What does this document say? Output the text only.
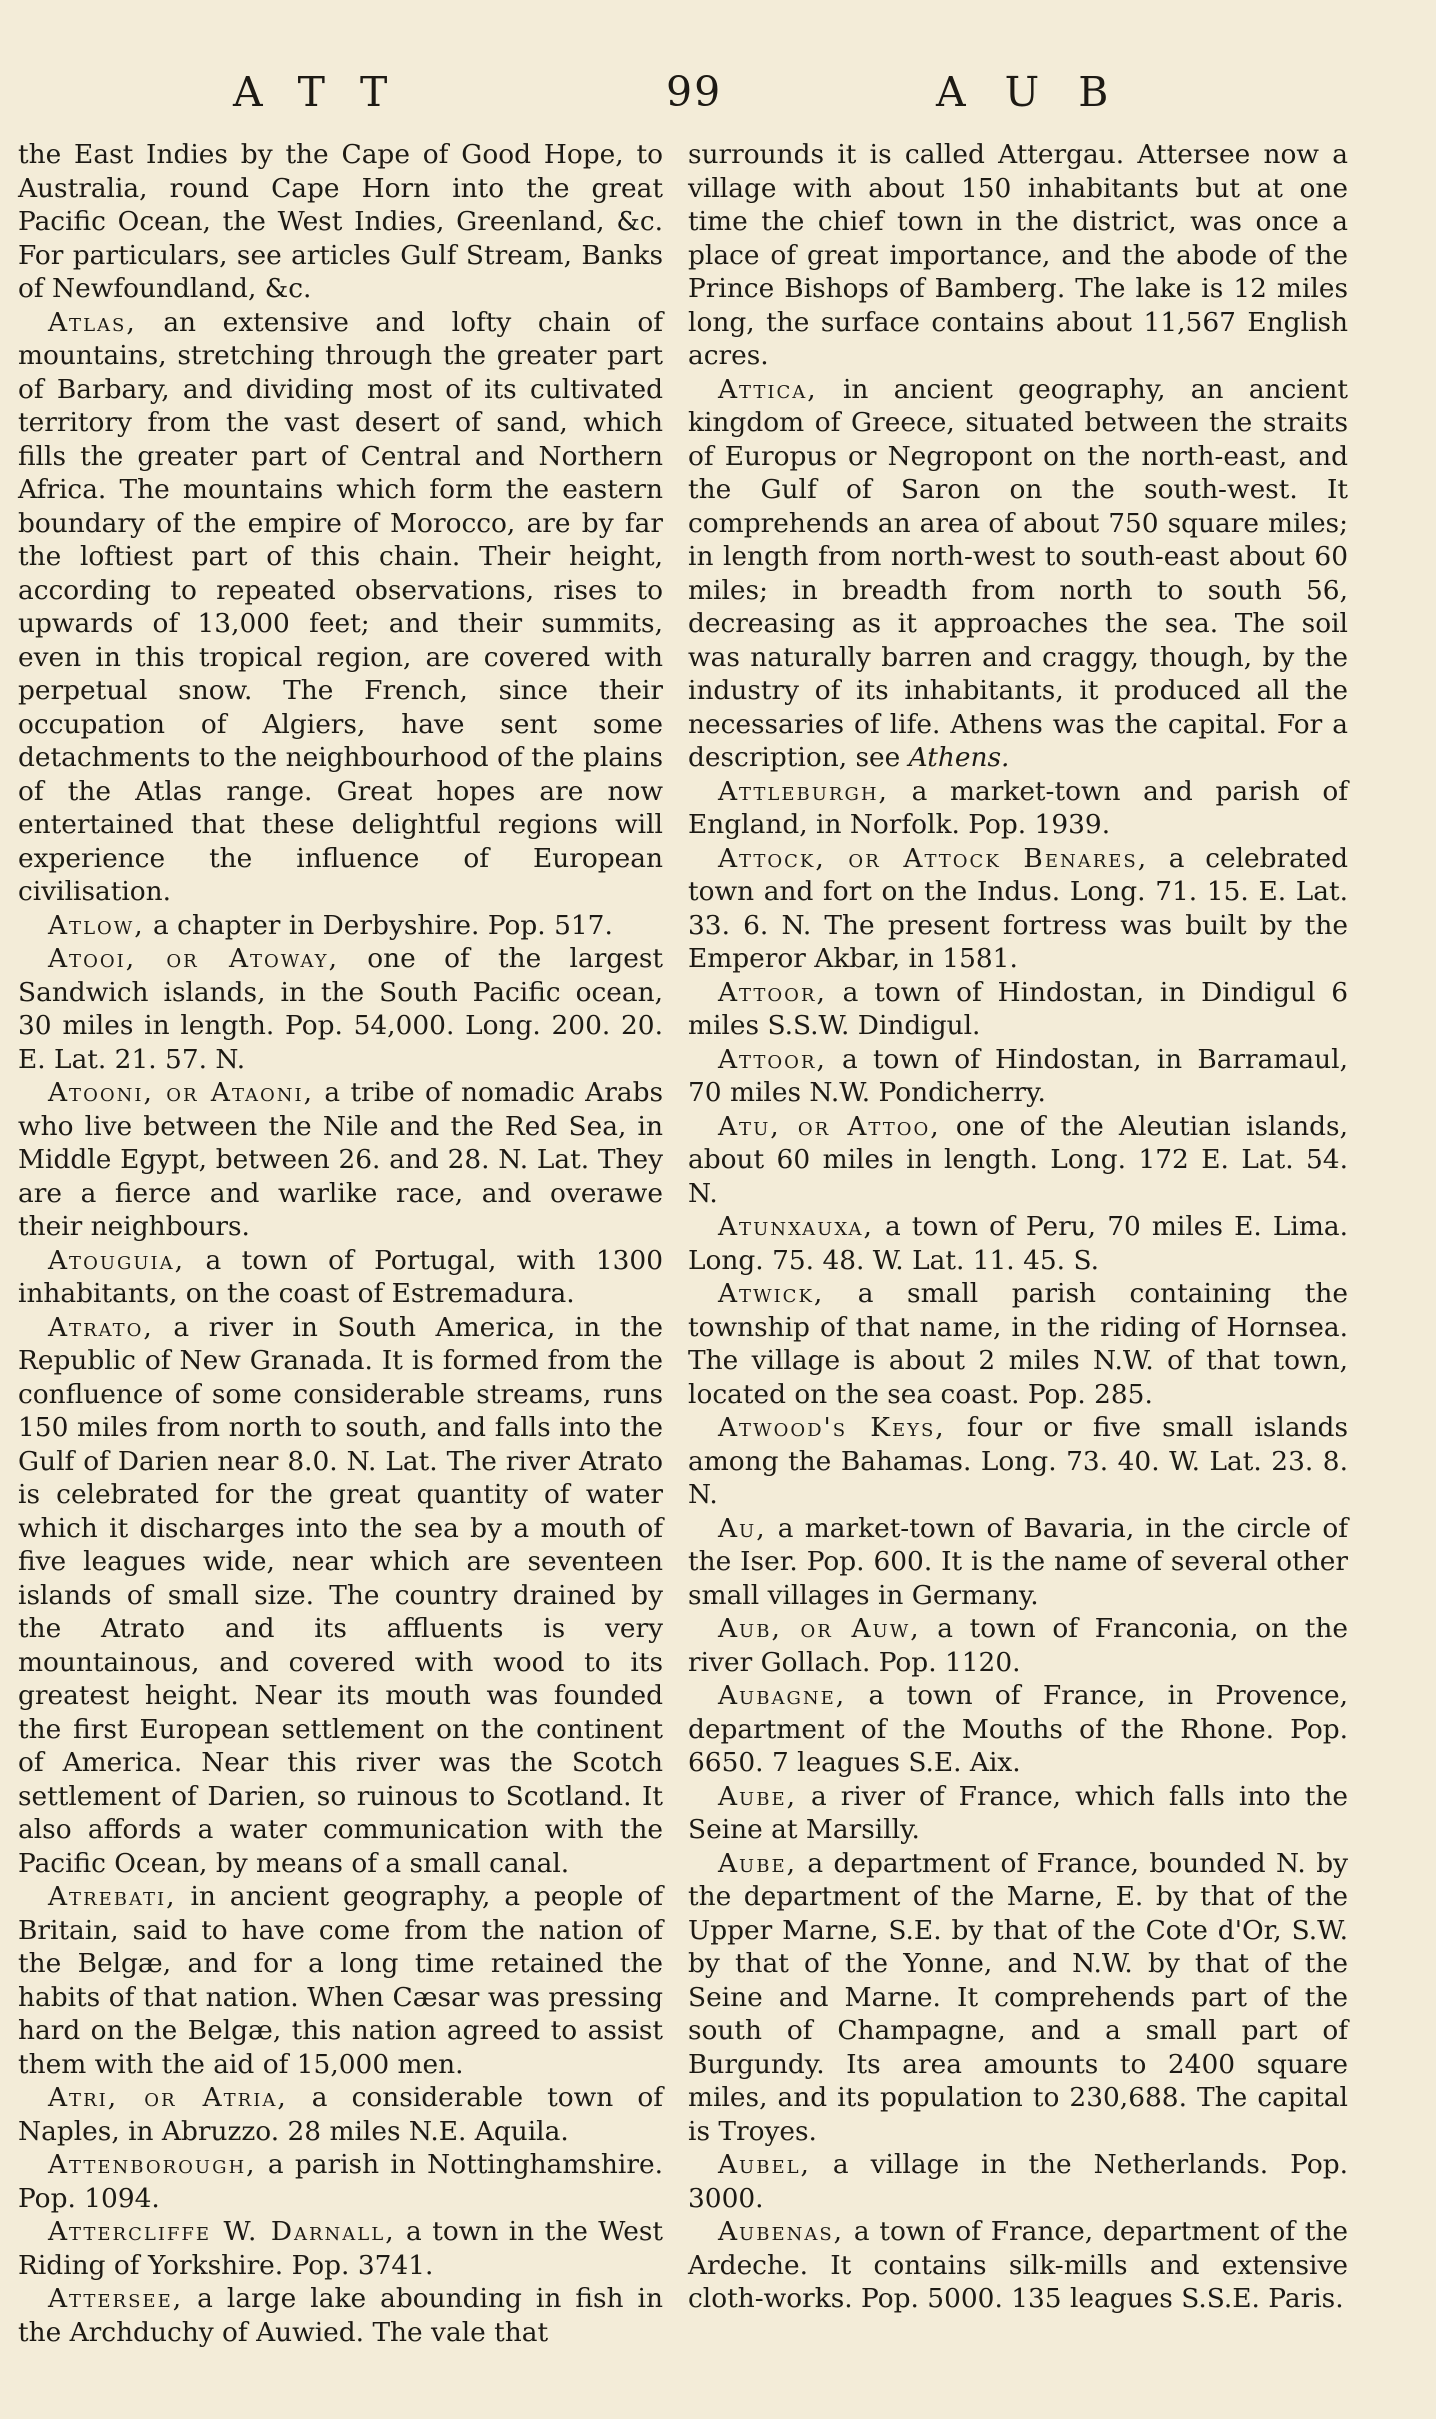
A T T	99	A U B

the East Indies by the Cape of Good Hope, to Australia, round Cape Horn into the great Pacific Ocean, the West Indies, Greenland, &c. For particulars, see articles Gulf Stream, Banks of Newfoundland, &c.

Atlas, an extensive and lofty chain of mountains, stretching through the greater part of Barbary, and dividing most of its cultivated territory from the vast desert of sand, which fills the greater part of Central and Northern Africa. The mountains which form the eastern boundary of the empire of Morocco, are by far the loftiest part of this chain. Their height, according to repeated observations, rises to upwards of 13,000 feet; and their summits, even in this tropical region, are covered with perpetual snow. The French, since their occupation of Algiers, have sent some detachments to the neighbourhood of the plains of the Atlas range. Great hopes are now entertained that these delightful regions will experience the influence of European civilisation.

Atlow, a chapter in Derbyshire. Pop. 517.

Atooi, or Atoway, one of the largest Sandwich islands, in the South Pacific ocean, 30 miles in length. Pop. 54,000. Long. 200. 20. E. Lat. 21. 57. N.

Atooni, or Ataoni, a tribe of nomadic Arabs who live between the Nile and the Red Sea, in Middle Egypt, between 26. and 28. N. Lat. They are a fierce and warlike race, and overawe their neighbours.

Atouguia, a town of Portugal, with 1300 inhabitants, on the coast of Estremadura.

Atrato, a river in South America, in the Republic of New Granada. It is formed from the confluence of some considerable streams, runs 150 miles from north to south, and falls into the Gulf of Darien near 8.0. N. Lat. The river Atrato is celebrated for the great quantity of water which it discharges into the sea by a mouth of five leagues wide, near which are seventeen islands of small size. The country drained by the Atrato and its affluents is very mountainous, and covered with wood to its greatest height. Near its mouth was founded the first European settlement on the continent of America. Near this river was the Scotch settlement of Darien, so ruinous to Scotland. It also affords a water communication with the Pacific Ocean, by means of a small canal.

Atrebati, in ancient geography, a people of Britain, said to have come from the nation of the Belgæ, and for a long time retained the habits of that nation. When Cæsar was pressing hard on the Belgæ, this nation agreed to assist them with the aid of 15,000 men.

Atri, or Atria, a considerable town of Naples, in Abruzzo. 28 miles N.E. Aquila.

Attenborough, a parish in Nottinghamshire. Pop. 1094.

Attercliffe W. Darnall, a town in the West Riding of Yorkshire. Pop. 3741.

Attersee, a large lake abounding in fish in the Archduchy of Auwied. The vale that

surrounds it is called Attergau. Attersee now a village with about 150 inhabitants but at one time the chief town in the district, was once a place of great importance, and the abode of the Prince Bishops of Bamberg. The lake is 12 miles long, the surface contains about 11,567 English acres.

Attica, in ancient geography, an ancient kingdom of Greece, situated between the straits of Europus or Negropont on the north-east, and the Gulf of Saron on the south-west. It comprehends an area of about 750 square miles; in length from north-west to south-east about 60 miles; in breadth from north to south 56, decreasing as it approaches the sea. The soil was naturally barren and craggy, though, by the industry of its inhabitants, it produced all the necessaries of life. Athens was the capital. For a description, see Athens.

Attleburgh, a market-town and parish of England, in Norfolk. Pop. 1939.

Attock, or Attock Benares, a celebrated town and fort on the Indus. Long. 71. 15. E. Lat. 33. 6. N. The present fortress was built by the Emperor Akbar, in 1581.

Attoor, a town of Hindostan, in Dindigul 6 miles S.S.W. Dindigul.

Attoor, a town of Hindostan, in Barramaul, 70 miles N.W. Pondicherry.

Atu, or Attoo, one of the Aleutian islands, about 60 miles in length. Long. 172 E. Lat. 54. N.

Atunxauxa, a town of Peru, 70 miles E. Lima. Long. 75. 48. W. Lat. 11. 45. S.

Atwick, a small parish containing the township of that name, in the riding of Hornsea. The village is about 2 miles N.W. of that town, located on the sea coast. Pop. 285.

Atwood's Keys, four or five small islands among the Bahamas. Long. 73. 40. W. Lat. 23. 8. N.

Au, a market-town of Bavaria, in the circle of the Iser. Pop. 600. It is the name of several other small villages in Germany.

Aub, or Auw, a town of Franconia, on the river Gollach. Pop. 1120.

Aubagne, a town of France, in Provence, department of the Mouths of the Rhone. Pop. 6650. 7 leagues S.E. Aix.

Aube, a river of France, which falls into the Seine at Marsilly.

Aube, a department of France, bounded N. by the department of the Marne, E. by that of the Upper Marne, S.E. by that of the Cote d'Or, S.W. by that of the Yonne, and N.W. by that of the Seine and Marne. It comprehends part of the south of Champagne, and a small part of Burgundy. Its area amounts to 2400 square miles, and its population to 230,688. The capital is Troyes.

Aubel, a village in the Netherlands. Pop. 3000.

Aubenas, a town of France, department of the Ardeche. It contains silk-mills and extensive cloth-works. Pop. 5000. 135 leagues S.S.E. Paris.
